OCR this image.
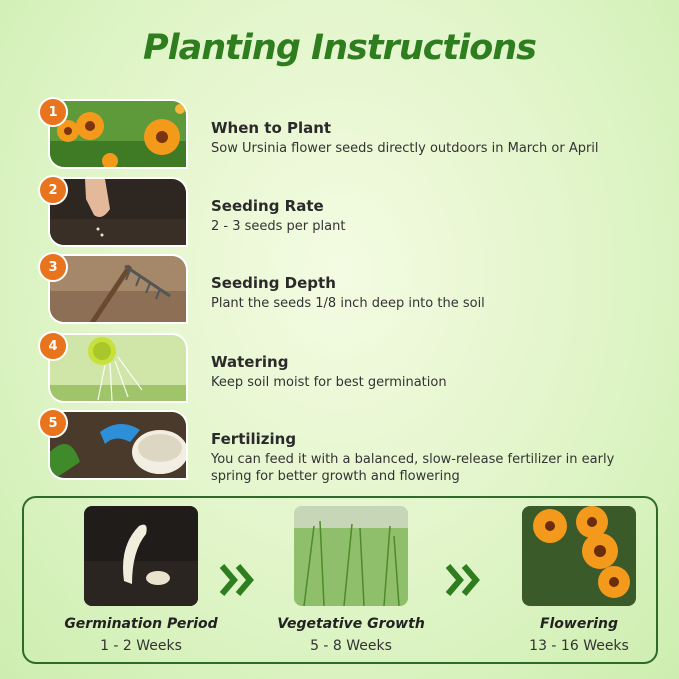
Planting Instructions
1
When to Plant
Sow Ursinia flower seeds directly outdoors in March or April
2
Seeding Rate
2 - 3 seeds per plant
3
Seeding Depth
Plant the seeds 1/8 inch deep into the soil
4
Watering
Keep soil moist for best germination
5
Fertilizing
You can feed it with a balanced, slow-release fertilizer in early spring for better growth and flowering
Germination Period
1 - 2 Weeks
Vegetative Growth
5 - 8 Weeks
Flowering
13 - 16 Weeks
